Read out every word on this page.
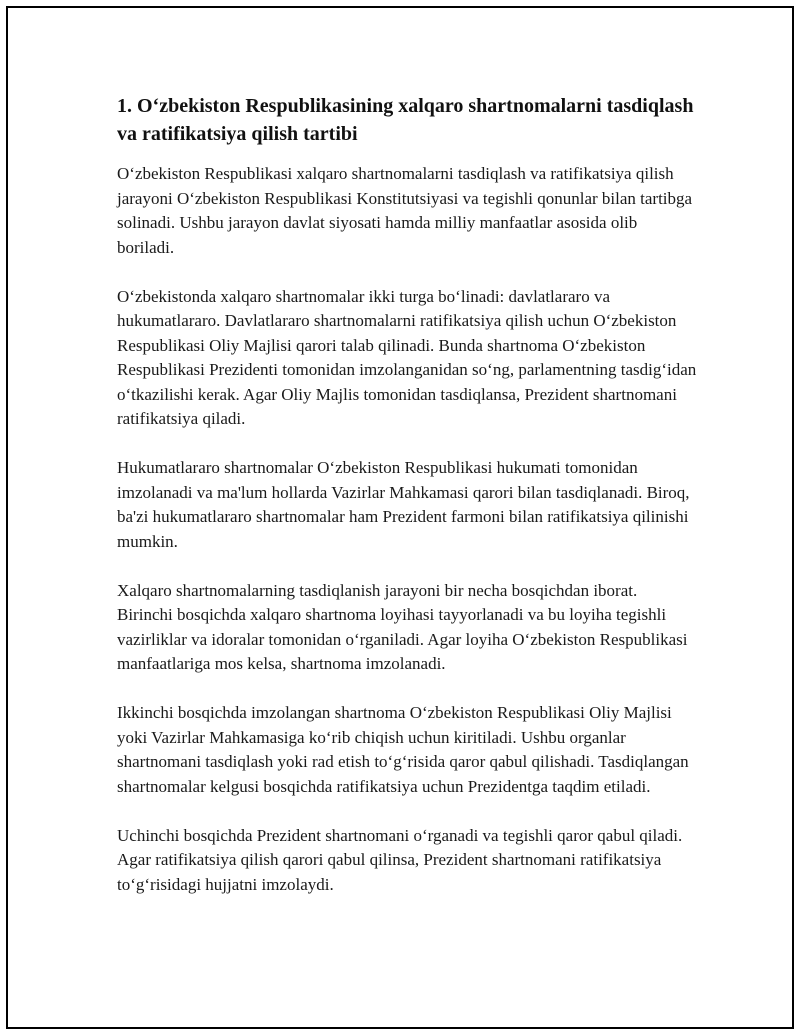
1. O‘zbekiston Respublikasining xalqaro shartnomalarni tasdiqlash va ratifikatsiya qilish tartibi

O‘zbekiston Respublikasi xalqaro shartnomalarni tasdiqlash va ratifikatsiya qilish jarayoni O‘zbekiston Respublikasi Konstitutsiyasi va tegishli qonunlar bilan tartibga solinadi. Ushbu jarayon davlat siyosati hamda milliy manfaatlar asosida olib boriladi.

O‘zbekistonda xalqaro shartnomalar ikki turga bo‘linadi: davlatlararo va hukumatlararo. Davlatlararo shartnomalarni ratifikatsiya qilish uchun O‘zbekiston Respublikasi Oliy Majlisi qarori talab qilinadi. Bunda shartnoma O‘zbekiston Respublikasi Prezidenti tomonidan imzolanganidan so‘ng, parlamentning tasdig‘idan o‘tkazilishi kerak. Agar Oliy Majlis tomonidan tasdiqlansa, Prezident shartnomani ratifikatsiya qiladi.

Hukumatlararo shartnomalar O‘zbekiston Respublikasi hukumati tomonidan imzolanadi va ma'lum hollarda Vazirlar Mahkamasi qarori bilan tasdiqlanadi. Biroq, ba'zi hukumatlararo shartnomalar ham Prezident farmoni bilan ratifikatsiya qilinishi mumkin.

Xalqaro shartnomalarning tasdiqlanish jarayoni bir necha bosqichdan iborat. Birinchi bosqichda xalqaro shartnoma loyihasi tayyorlanadi va bu loyiha tegishli vazirliklar va idoralar tomonidan o‘rganiladi. Agar loyiha O‘zbekiston Respublikasi manfaatlariga mos kelsa, shartnoma imzolanadi.

Ikkinchi bosqichda imzolangan shartnoma O‘zbekiston Respublikasi Oliy Majlisi yoki Vazirlar Mahkamasiga ko‘rib chiqish uchun kiritiladi. Ushbu organlar shartnomani tasdiqlash yoki rad etish to‘g‘risida qaror qabul qilishadi. Tasdiqlangan shartnomalar kelgusi bosqichda ratifikatsiya uchun Prezidentga taqdim etiladi.

Uchinchi bosqichda Prezident shartnomani o‘rganadi va tegishli qaror qabul qiladi. Agar ratifikatsiya qilish qarori qabul qilinsa, Prezident shartnomani ratifikatsiya to‘g‘risidagi hujjatni imzolaydi.
